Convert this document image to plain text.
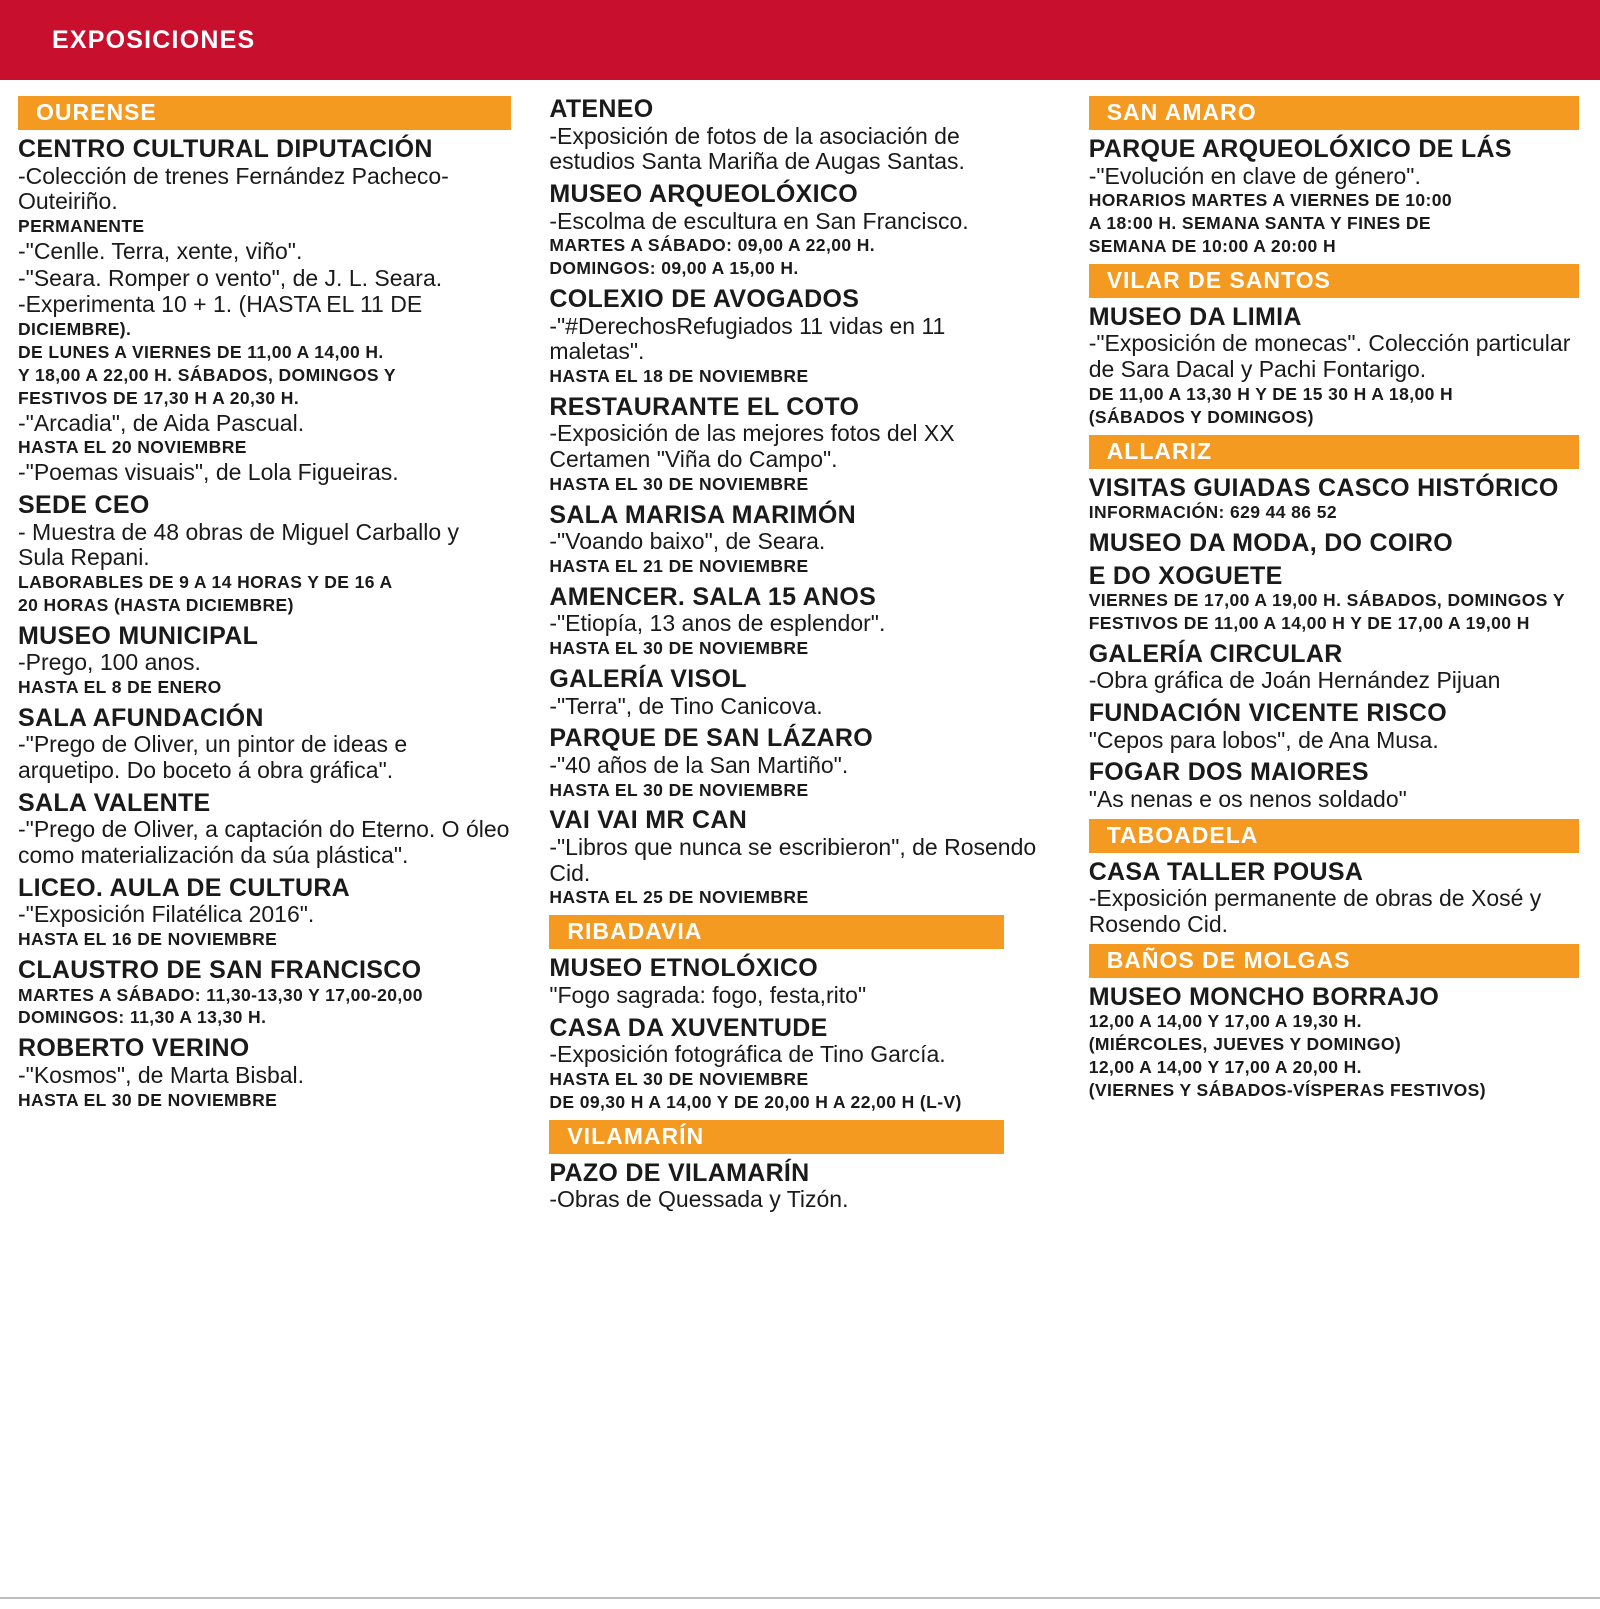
EXPOSICIONES
OURENSE
CENTRO CULTURAL DIPUTACIÓN
-Colección de trenes Fernández Pacheco-Outeiriño.
PERMANENTE
-"Cenlle. Terra, xente, viño".
-"Seara. Romper o vento", de J. L. Seara.
-Experimenta 10 + 1. (HASTA EL 11 DE
DICIEMBRE).
DE LUNES A VIERNES DE 11,00 A 14,00 H.
Y 18,00 A 22,00 H. SÁBADOS, DOMINGOS Y
FESTIVOS DE 17,30 H A 20,30 H.
-"Arcadia", de Aida Pascual.
HASTA EL 20 NOVIEMBRE
-"Poemas visuais", de Lola Figueiras.
SEDE CEO
- Muestra de 48 obras de Miguel Carballo y Sula Repani.
LABORABLES DE 9 A 14 HORAS Y DE 16 A
20 HORAS (HASTA DICIEMBRE)
MUSEO MUNICIPAL
-Prego, 100 anos.
HASTA EL 8 DE ENERO
SALA AFUNDACIÓN
-"Prego de Oliver, un pintor de ideas e arquetipo. Do boceto á obra gráfica".
SALA VALENTE
-"Prego de Oliver, a captación do Eterno. O óleo como materialización da súa plástica".
LICEO. AULA DE CULTURA
-"Exposición Filatélica 2016".
HASTA EL 16 DE NOVIEMBRE
CLAUSTRO DE SAN FRANCISCO
MARTES A SÁBADO: 11,30-13,30 Y 17,00-20,00
DOMINGOS: 11,30 A 13,30 H.
ROBERTO VERINO
-"Kosmos", de Marta Bisbal.
HASTA EL 30 DE NOVIEMBRE
ATENEO
-Exposición de fotos de la asociación de estudios Santa Mariña de Augas Santas.
MUSEO ARQUEOLÓXICO
-Escolma de escultura en San Francisco.
MARTES A SÁBADO: 09,00 A 22,00 H.
DOMINGOS: 09,00 A 15,00 H.
COLEXIO DE AVOGADOS
-"#DerechosRefugiados 11 vidas en 11 maletas".
HASTA EL 18 DE NOVIEMBRE
RESTAURANTE EL COTO
-Exposición de las mejores fotos del XX Certamen "Viña do Campo".
HASTA EL 30 DE NOVIEMBRE
SALA MARISA MARIMÓN
-"Voando baixo", de Seara.
HASTA EL 21 DE NOVIEMBRE
AMENCER. SALA 15 ANOS
-"Etiopía, 13 anos de esplendor".
HASTA EL 30 DE NOVIEMBRE
GALERÍA VISOL
-"Terra", de Tino Canicova.
PARQUE DE SAN LÁZARO
-"40 años de la San Martiño".
HASTA EL 30 DE NOVIEMBRE
VAI VAI MR CAN
-"Libros que nunca se escribieron", de Rosendo Cid.
HASTA EL 25 DE NOVIEMBRE
RIBADAVIA
MUSEO ETNOLÓXICO
"Fogo sagrada: fogo, festa,rito"
CASA DA XUVENTUDE
-Exposición fotográfica de Tino García.
HASTA EL 30 DE NOVIEMBRE
DE 09,30 H A 14,00 Y DE 20,00 H A 22,00 H (L-V)
VILAMARÍN
PAZO DE VILAMARÍN
-Obras de Quessada y Tizón.
SAN AMARO
PARQUE ARQUEOLÓXICO DE LÁS
-"Evolución en clave de género".
HORARIOS MARTES A VIERNES DE 10:00
A 18:00 H. SEMANA SANTA Y FINES DE
SEMANA DE 10:00 A 20:00 H
VILAR DE SANTOS
MUSEO DA LIMIA
-"Exposición de monecas". Colección particular de Sara Dacal y Pachi Fontarigo.
DE 11,00 A 13,30 H Y DE 15 30 H A 18,00 H
(SÁBADOS Y DOMINGOS)
ALLARIZ
VISITAS GUIADAS CASCO HISTÓRICO
INFORMACIÓN: 629 44 86 52
MUSEO DA MODA, DO COIRO
E DO XOGUETE
VIERNES DE 17,00 A 19,00 H. SÁBADOS, DOMINGOS Y
FESTIVOS DE 11,00 A 14,00 H Y DE 17,00 A 19,00 H
GALERÍA CIRCULAR
-Obra gráfica de Joán Hernández Pijuan
FUNDACIÓN VICENTE RISCO
"Cepos para lobos", de Ana Musa.
FOGAR DOS MAIORES
"As nenas e os nenos soldado"
TABOADELA
CASA TALLER POUSA
-Exposición permanente de obras de Xosé y Rosendo Cid.
BAÑOS DE MOLGAS
MUSEO MONCHO BORRAJO
12,00 A 14,00 Y 17,00 A 19,30 H.
(MIÉRCOLES, JUEVES Y DOMINGO)
12,00 A 14,00 Y 17,00 A 20,00 H.
(VIERNES Y SÁBADOS-VÍSPERAS FESTIVOS)
